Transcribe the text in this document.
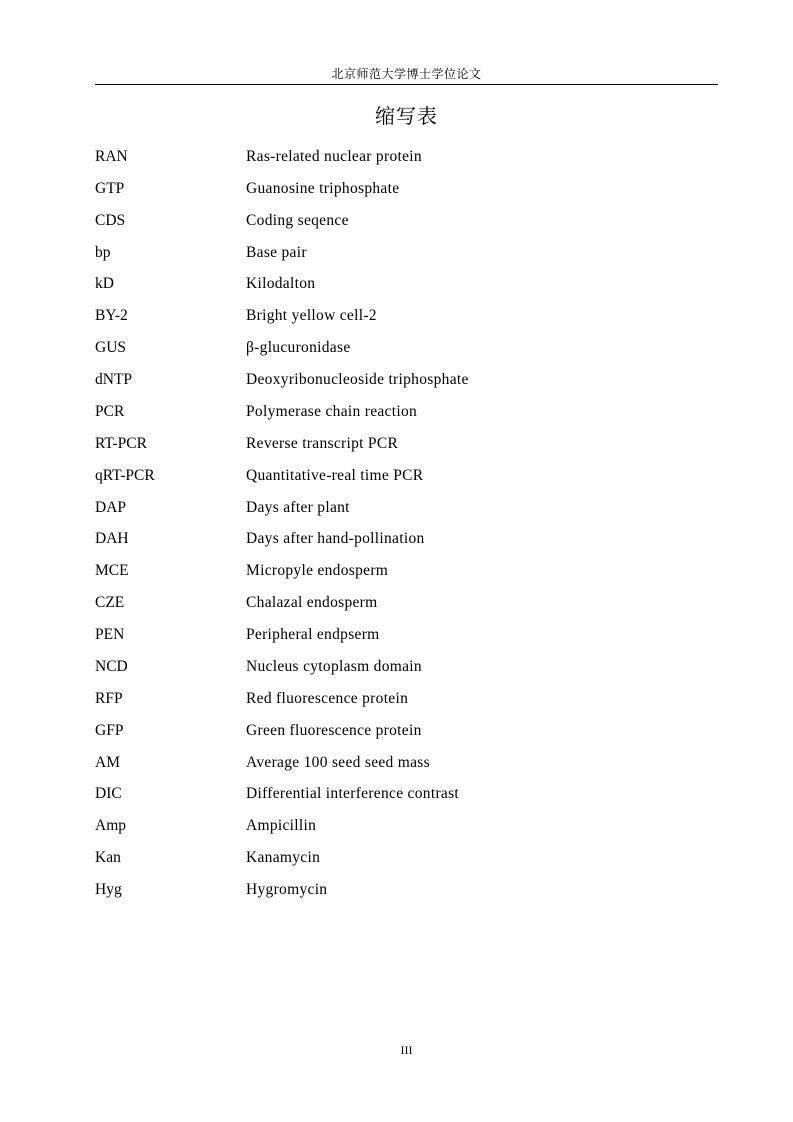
北京师范大学博士学位论文
缩写表
RAN	Ras-related nuclear protein
GTP	Guanosine triphosphate
CDS	Coding seqence
bp	Base pair
kD	Kilodalton
BY-2	Bright yellow cell-2
GUS	β-glucuronidase
dNTP	Deoxyribonucleoside triphosphate
PCR	Polymerase chain reaction
RT-PCR	Reverse transcript PCR
qRT-PCR	Quantitative-real time PCR
DAP	Days after plant
DAH	Days after hand-pollination
MCE	Micropyle endosperm
CZE	Chalazal endosperm
PEN	Peripheral endpserm
NCD	Nucleus cytoplasm domain
RFP	Red fluorescence protein
GFP	Green fluorescence protein
AM	Average 100 seed seed mass
DIC	Differential interference contrast
Amp	Ampicillin
Kan	Kanamycin
Hyg	Hygromycin
III
